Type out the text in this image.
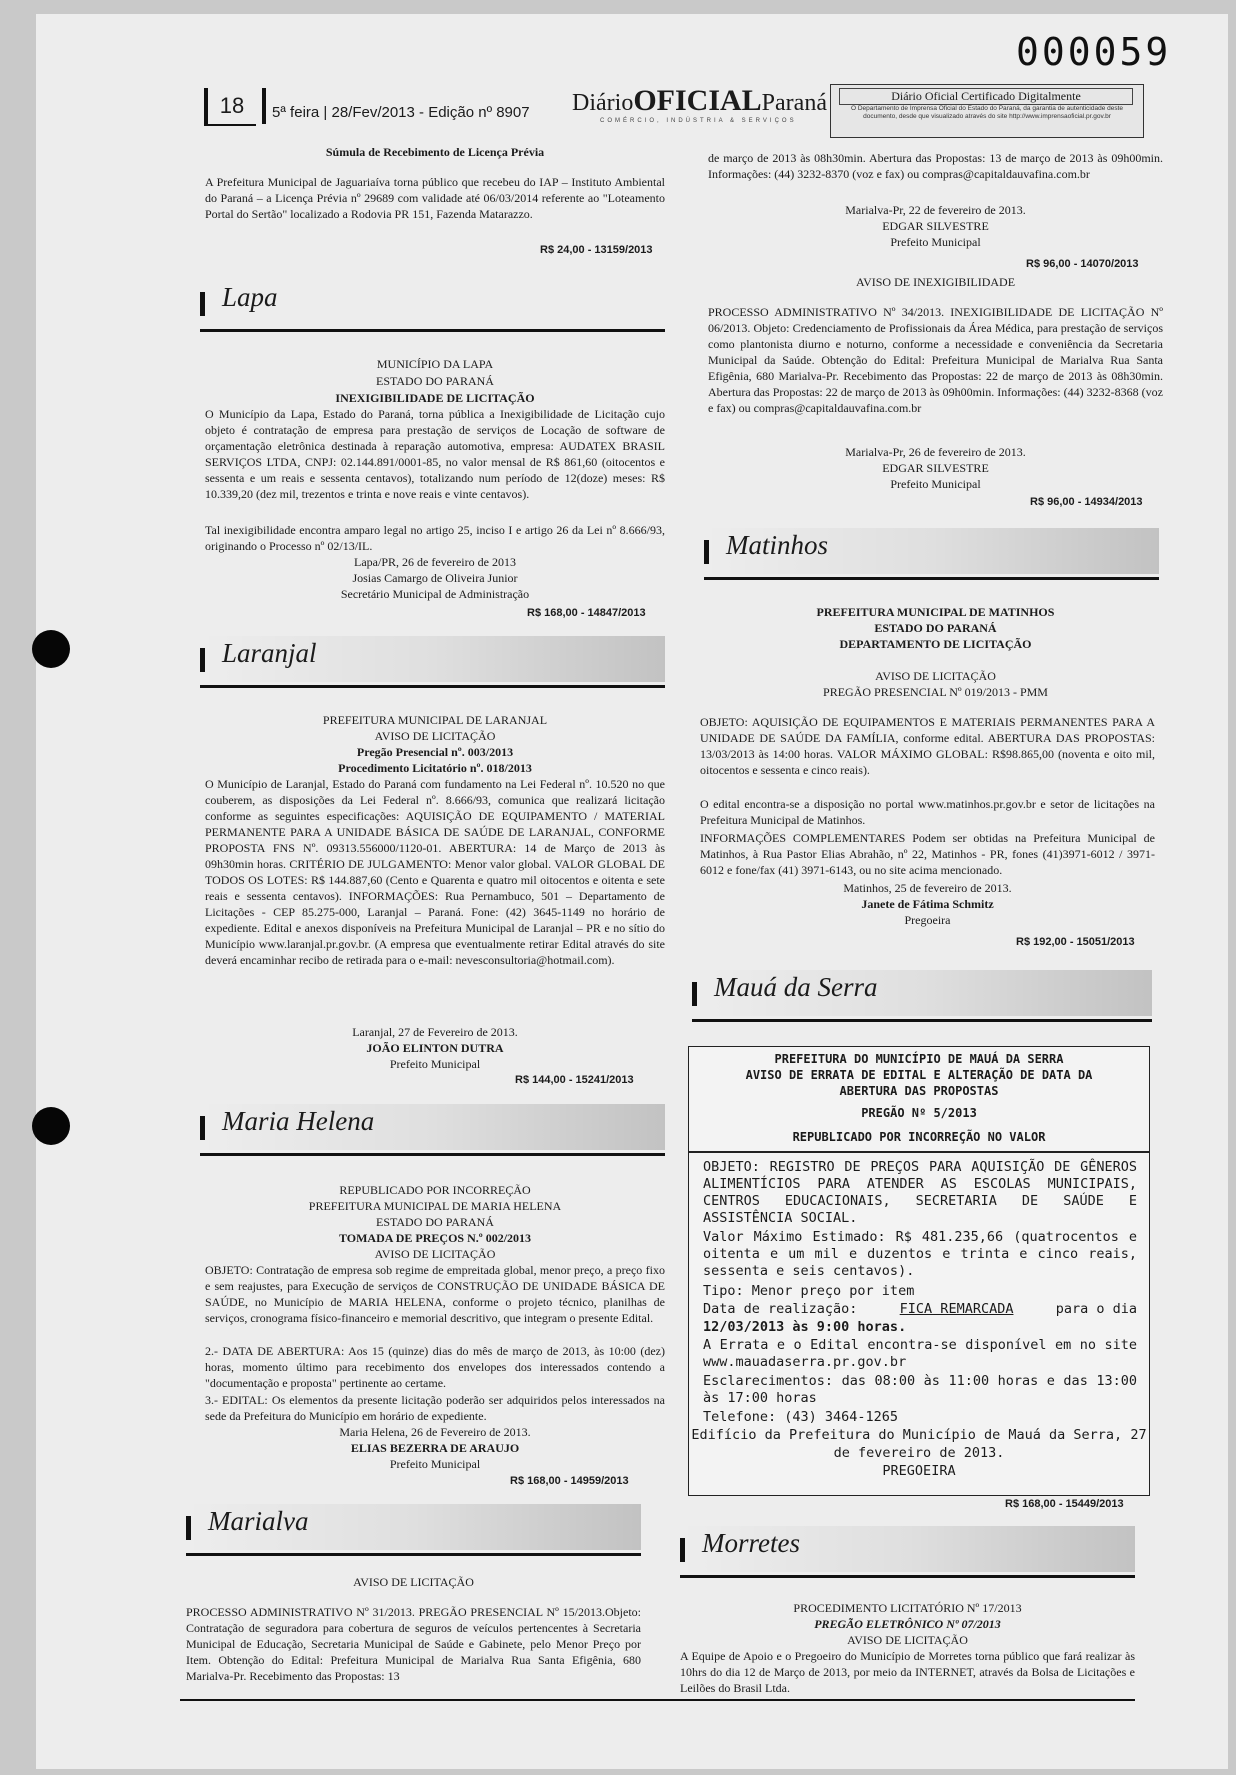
000059
18	5ª feira | 28/Fev/2013 - Edição nº 8907 DiárioOFICIALParaná
COMÉRCIO, INDÚSTRIA & SERVIÇOS
Diário Oficial Certificado Digitalmente
O Departamento de Imprensa Oficial do Estado do Paraná, da garantia de autenticidade deste documento, desde que visualizado através do site http://www.imprensaoficial.pr.gov.br
Súmula de Recebimento de Licença Prévia
A Prefeitura Municipal de Jaguariaíva torna público que recebeu do IAP – Instituto Ambiental do Paraná – a Licença Prévia nº 29689 com validade até 06/03/2014 referente ao "Loteamento Portal do Sertão" localizado a Rodovia PR 151, Fazenda Matarazzo.
R$ 24,00 - 13159/2013
Lapa
MUNICÍPIO DA LAPA
ESTADO DO PARANÁ
INEXIGIBILIDADE DE LICITAÇÃO
O Município da Lapa, Estado do Paraná, torna pública a Inexigibilidade de Licitação cujo objeto é contratação de empresa para prestação de serviços de Locação de software de orçamentação eletrônica destinada à reparação automotiva, empresa: AUDATEX BRASIL SERVIÇOS LTDA, CNPJ: 02.144.891/0001-85, no valor mensal de R$ 861,60 (oitocentos e sessenta e um reais e sessenta centavos), totalizando num período de 12(doze) meses: R$ 10.339,20 (dez mil, trezentos e trinta e nove reais e vinte centavos).
Tal inexigibilidade encontra amparo legal no artigo 25, inciso I e artigo 26 da Lei nº 8.666/93, originando o Processo nº 02/13/IL.
Lapa/PR, 26 de fevereiro de 2013
Josias Camargo de Oliveira Junior
Secretário Municipal de Administração
R$ 168,00 - 14847/2013
Laranjal
PREFEITURA MUNICIPAL DE LARANJAL
AVISO DE LICITAÇÃO
Pregão Presencial nº. 003/2013
Procedimento Licitatório nº. 018/2013
O Município de Laranjal, Estado do Paraná com fundamento na Lei Federal nº. 10.520 no que couberem, as disposições da Lei Federal nº. 8.666/93, comunica que realizará licitação conforme as seguintes especificações: AQUISIÇÃO DE EQUIPAMENTO / MATERIAL PERMANENTE PARA A UNIDADE BÁSICA DE SAÚDE DE LARANJAL, CONFORME PROPOSTA FNS Nº. 09313.556000/1120-01. ABERTURA: 14 de Março de 2013 às 09h30min horas. CRITÉRIO DE JULGAMENTO: Menor valor global. VALOR GLOBAL DE TODOS OS LOTES: R$ 144.887,60 (Cento e Quarenta e quatro mil oitocentos e oitenta e sete reais e sessenta centavos). INFORMAÇÕES: Rua Pernambuco, 501 – Departamento de Licitações - CEP 85.275-000, Laranjal – Paraná. Fone: (42) 3645-1149 no horário de expediente. Edital e anexos disponíveis na Prefeitura Municipal de Laranjal – PR e no sítio do Município www.laranjal.pr.gov.br. (A empresa que eventualmente retirar Edital através do site deverá encaminhar recibo de retirada para o e-mail: nevesconsultoria@hotmail.com).
Laranjal, 27 de Fevereiro de 2013.
JOÃO ELINTON DUTRA
Prefeito Municipal
R$ 144,00 - 15241/2013
Maria Helena
REPUBLICADO POR INCORREÇÃO
PREFEITURA MUNICIPAL DE MARIA HELENA
ESTADO DO PARANÁ
TOMADA DE PREÇOS N.º 002/2013
AVISO DE LICITAÇÃO
OBJETO: Contratação de empresa sob regime de empreitada global, menor preço, a preço fixo e sem reajustes, para Execução de serviços de CONSTRUÇÃO DE UNIDADE BÁSICA DE SAÚDE, no Município de MARIA HELENA, conforme o projeto técnico, planilhas de serviços, cronograma físico-financeiro e memorial descritivo, que integram o presente Edital.
2.- DATA DE ABERTURA: Aos 15 (quinze) dias do mês de março de 2013, às 10:00 (dez) horas, momento último para recebimento dos envelopes dos interessados contendo a "documentação e proposta" pertinente ao certame.
3.- EDITAL: Os elementos da presente licitação poderão ser adquiridos pelos interessados na sede da Prefeitura do Município em horário de expediente.
Maria Helena, 26 de Fevereiro de 2013.
ELIAS BEZERRA DE ARAUJO
Prefeito Municipal
R$ 168,00 - 14959/2013
Marialva
AVISO DE LICITAÇÃO
PROCESSO ADMINISTRATIVO Nº 31/2013. PREGÃO PRESENCIAL Nº 15/2013.Objeto: Contratação de seguradora para cobertura de seguros de veículos pertencentes à Secretaria Municipal de Educação, Secretaria Municipal de Saúde e Gabinete, pelo Menor Preço por Item. Obtenção do Edital: Prefeitura Municipal de Marialva Rua Santa Efigênia, 680 Marialva-Pr. Recebimento das Propostas: 13
de março de 2013 às 08h30min. Abertura das Propostas: 13 de março de 2013 às 09h00min. Informações: (44) 3232-8370 (voz e fax) ou compras@capitaldauvafina.com.br
Marialva-Pr, 22 de fevereiro de 2013.
EDGAR SILVESTRE
Prefeito Municipal
R$ 96,00 - 14070/2013
AVISO DE INEXIGIBILIDADE
PROCESSO ADMINISTRATIVO Nº 34/2013. INEXIGIBILIDADE DE LICITAÇÃO Nº 06/2013. Objeto: Credenciamento de Profissionais da Área Médica, para prestação de serviços como plantonista diurno e noturno, conforme a necessidade e conveniência da Secretaria Municipal da Saúde. Obtenção do Edital: Prefeitura Municipal de Marialva Rua Santa Efigênia, 680 Marialva-Pr. Recebimento das Propostas: 22 de março de 2013 às 08h30min. Abertura das Propostas: 22 de março de 2013 às 09h00min. Informações: (44) 3232-8368 (voz e fax) ou compras@capitaldauvafina.com.br
Marialva-Pr, 26 de fevereiro de 2013.
EDGAR SILVESTRE
Prefeito Municipal
R$ 96,00 - 14934/2013
Matinhos
PREFEITURA MUNICIPAL DE MATINHOS
ESTADO DO PARANÁ
DEPARTAMENTO DE LICITAÇÃO
AVISO DE LICITAÇÃO
PREGÃO PRESENCIAL Nº 019/2013 - PMM
OBJETO: AQUISIÇÃO DE EQUIPAMENTOS E MATERIAIS PERMANENTES PARA A UNIDADE DE SAÚDE DA FAMÍLIA, conforme edital. ABERTURA DAS PROPOSTAS: 13/03/2013 às 14:00 horas. VALOR MÁXIMO GLOBAL: R$98.865,00 (noventa e oito mil, oitocentos e sessenta e cinco reais).
O edital encontra-se a disposição no portal www.matinhos.pr.gov.br e setor de licitações na Prefeitura Municipal de Matinhos.
INFORMAÇÕES COMPLEMENTARES Podem ser obtidas na Prefeitura Municipal de Matinhos, à Rua Pastor Elias Abrahão, nº 22, Matinhos - PR, fones (41)3971-6012 / 3971-6012 e fone/fax (41) 3971-6143, ou no site acima mencionado.
Matinhos, 25 de fevereiro de 2013.
Janete de Fátima Schmitz
Pregoeira
R$ 192,00 - 15051/2013
Mauá da Serra
PREFEITURA DO MUNICÍPIO DE MAUÁ DA SERRA
AVISO DE ERRATA DE EDITAL E ALTERAÇÃO DE DATA DA
ABERTURA DAS PROPOSTAS
PREGÃO Nº 5/2013
REPUBLICADO POR INCORREÇÃO NO VALOR
OBJETO: REGISTRO DE PREÇOS PARA AQUISIÇÃO DE GÊNEROS ALIMENTÍCIOS PARA ATENDER AS ESCOLAS MUNICIPAIS, CENTROS EDUCACIONAIS, SECRETARIA DE SAÚDE E ASSISTÊNCIA SOCIAL.
Valor Máximo Estimado: R$ 481.235,66 (quatrocentos e oitenta e um mil e duzentos e trinta e cinco reais, sessenta e seis centavos).
Tipo: Menor preço por item
Data de realização:	FICA REMARCADA	para o dia
12/03/2013 às 9:00 horas.
A Errata e o Edital encontra-se disponível em no site www.mauadaserra.pr.gov.br
Esclarecimentos: das 08:00 às 11:00 horas e das 13:00 às 17:00 horas
Telefone: (43) 3464-1265
Edifício da Prefeitura do Município de Mauá da Serra, 27
de fevereiro de 2013.
PREGOEIRA
R$ 168,00 - 15449/2013
Morretes
PROCEDIMENTO LICITATÓRIO Nº 17/2013
PREGÃO ELETRÔNICO Nº 07/2013
AVISO DE LICITAÇÃO
A Equipe de Apoio e o Pregoeiro do Município de Morretes torna público que fará realizar às 10hrs do dia 12 de Março de 2013, por meio da INTERNET, através da Bolsa de Licitações e Leilões do Brasil Ltda.
